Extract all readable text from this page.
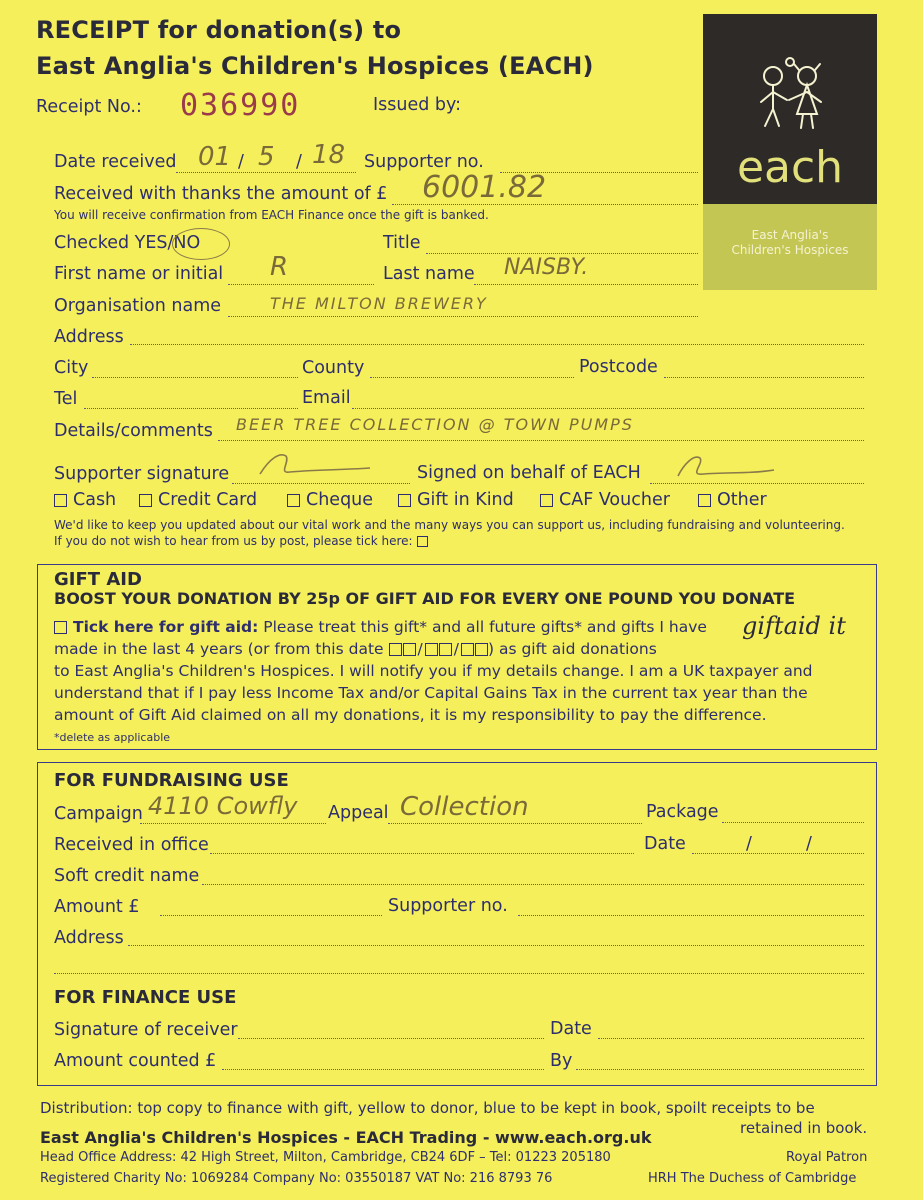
RECEIPT for donation(s) to
East Anglia's Children's Hospices (EACH)
Receipt No.: 036990	Issued by:
each
East Anglia's
Children's Hospices
Date received 01 / 5 / 18 Supporter no.
Received with thanks the amount of £ 6001.82
You will receive confirmation from EACH Finance once the gift is banked.
Checked YES/NO	Title
First name or initial R	Last name NAISBY.
Organisation name	THE MILTON BREWERY
Address
City	County	Postcode
Tel	Email
Details/comments BEER TREE COLLECTION @ TOWN PUMPS
Supporter signature	Signed on behalf of EACH
Cash	Credit Card	Cheque	Gift in Kind	CAF Voucher	Other
We'd like to keep you updated about our vital work and the many ways you can support us, including fundraising and volunteering.
If you do not wish to hear from us by post, please tick here:
GIFT AID
BOOST YOUR DONATION BY 25p OF GIFT AID FOR EVERY ONE POUND YOU DONATE
Tick here for gift aid: Please treat this gift* and all future gifts* and gifts I have
made in the last 4 years (or from this date / / ) as gift aid donations
to East Anglia's Children's Hospices. I will notify you if my details change. I am a UK taxpayer and
understand that if I pay less Income Tax and/or Capital Gains Tax in the current tax year than the
amount of Gift Aid claimed on all my donations, it is my responsibility to pay the difference.
*delete as applicable
giftaid it
FOR FUNDRAISING USE
Campaign 4110 Cowfly Appeal Collection	Package
Received in office	Date	/	/
Soft credit name
Amount £	Supporter no.
Address
FOR FINANCE USE
Signature of receiver	Date
Amount counted £	By
Distribution: top copy to finance with gift, yellow to donor, blue to be kept in book, spoilt receipts to be
retained in book.
East Anglia's Children's Hospices - EACH Trading - www.each.org.uk
Head Office Address: 42 High Street, Milton, Cambridge, CB24 6DF – Tel: 01223 205180	Royal Patron
Registered Charity No: 1069284 Company No: 03550187 VAT No: 216 8793 76	HRH The Duchess of Cambridge
